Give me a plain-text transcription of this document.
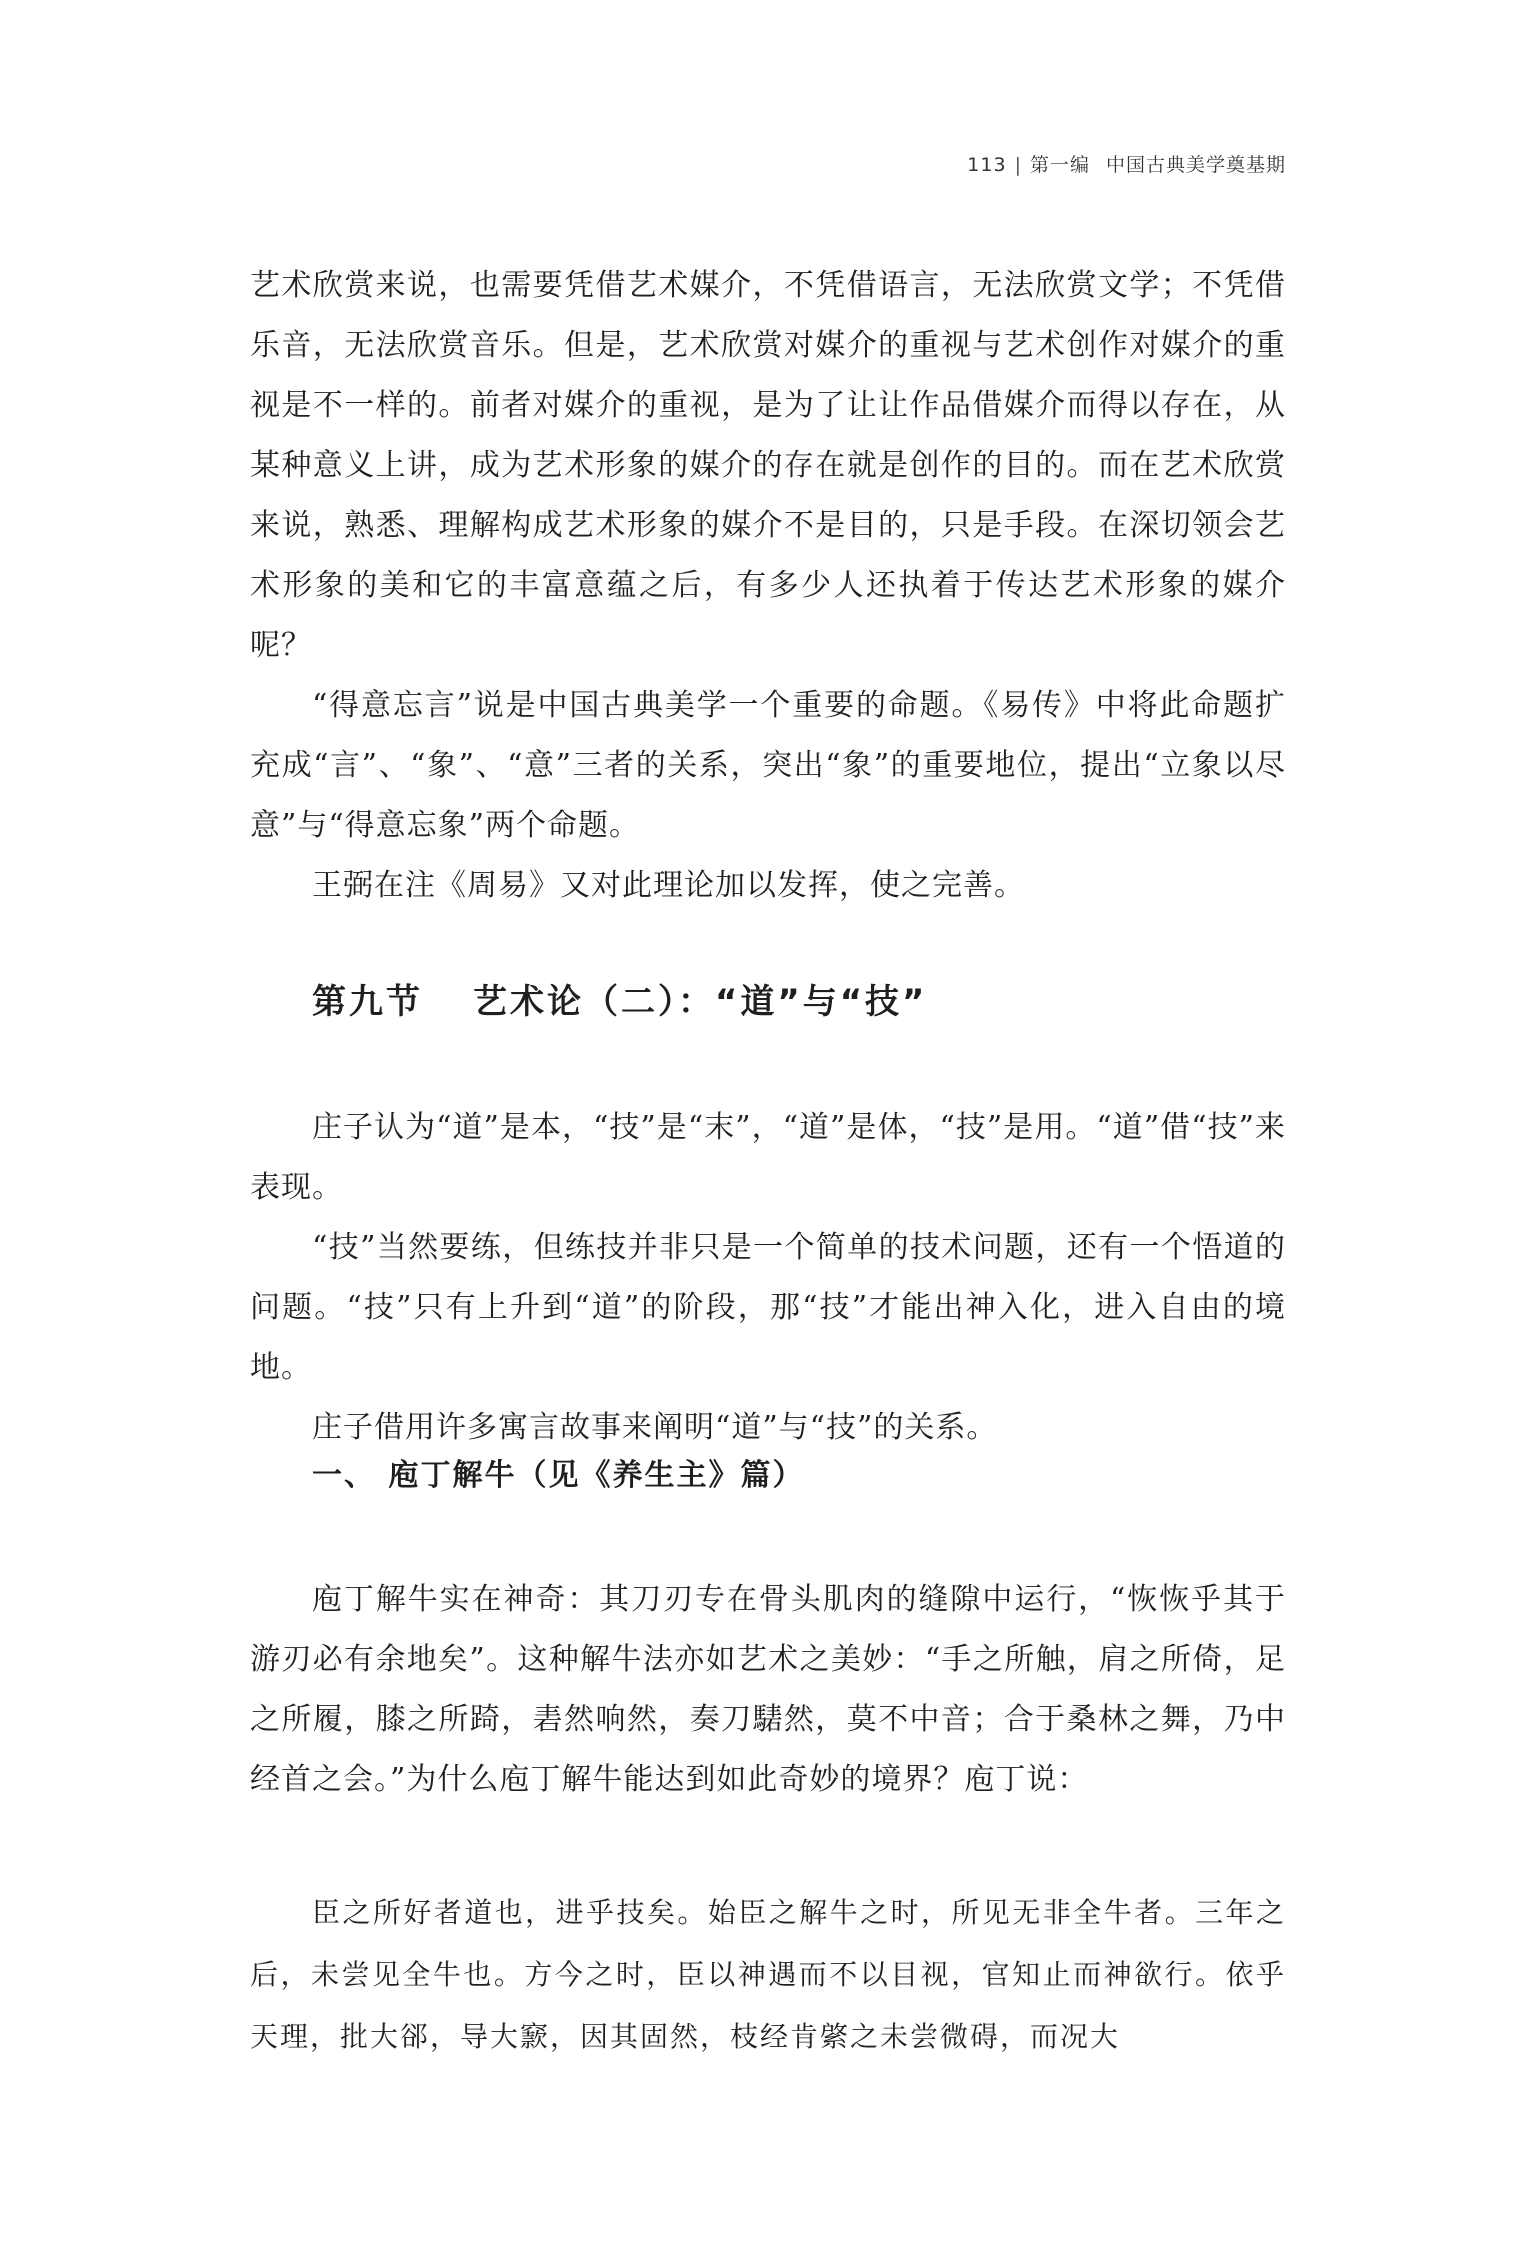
113 | 第一编 中国古典美学奠基期

艺术欣赏来说，也需要凭借艺术媒介，不凭借语言，无法欣赏文学；不凭借乐音，无法欣赏音乐。但是，艺术欣赏对媒介的重视与艺术创作对媒介的重视是不一样的。前者对媒介的重视，是为了让让作品借媒介而得以存在，从某种意义上讲，成为艺术形象的媒介的存在就是创作的目的。而在艺术欣赏来说，熟悉、理解构成艺术形象的媒介不是目的，只是手段。在深切领会艺术形象的美和它的丰富意蕴之后，有多少人还执着于传达艺术形象的媒介呢？

“得意忘言”说是中国古典美学一个重要的命题。《易传》中将此命题扩充成“言”、“象”、“意”三者的关系，突出“象”的重要地位，提出“立象以尽意”与“得意忘象”两个命题。

王弼在注《周易》又对此理论加以发挥，使之完善。

第九节 艺术论（二）：“道”与“技”

庄子认为“道”是本，“技”是“末”，“道”是体，“技”是用。“道”借“技”来表现。

“技”当然要练，但练技并非只是一个简单的技术问题，还有一个悟道的问题。“技”只有上升到“道”的阶段，那“技”才能出神入化，进入自由的境地。

庄子借用许多寓言故事来阐明“道”与“技”的关系。

一、 庖丁解牛（见《养生主》篇）

庖丁解牛实在神奇：其刀刃专在骨头肌肉的缝隙中运行，“恢恢乎其于游刃必有余地矣”。这种解牛法亦如艺术之美妙：“手之所触，肩之所倚，足之所履，膝之所踦，砉然响然，奏刀騞然，莫不中音；合于桑林之舞，乃中经首之会。”为什么庖丁解牛能达到如此奇妙的境界？庖丁说：

臣之所好者道也，进乎技矣。始臣之解牛之时，所见无非全牛者。三年之后，未尝见全牛也。方今之时，臣以神遇而不以目视，官知止而神欲行。依乎天理，批大郤，导大窾，因其固然，枝经肯綮之未尝微碍，而况大
